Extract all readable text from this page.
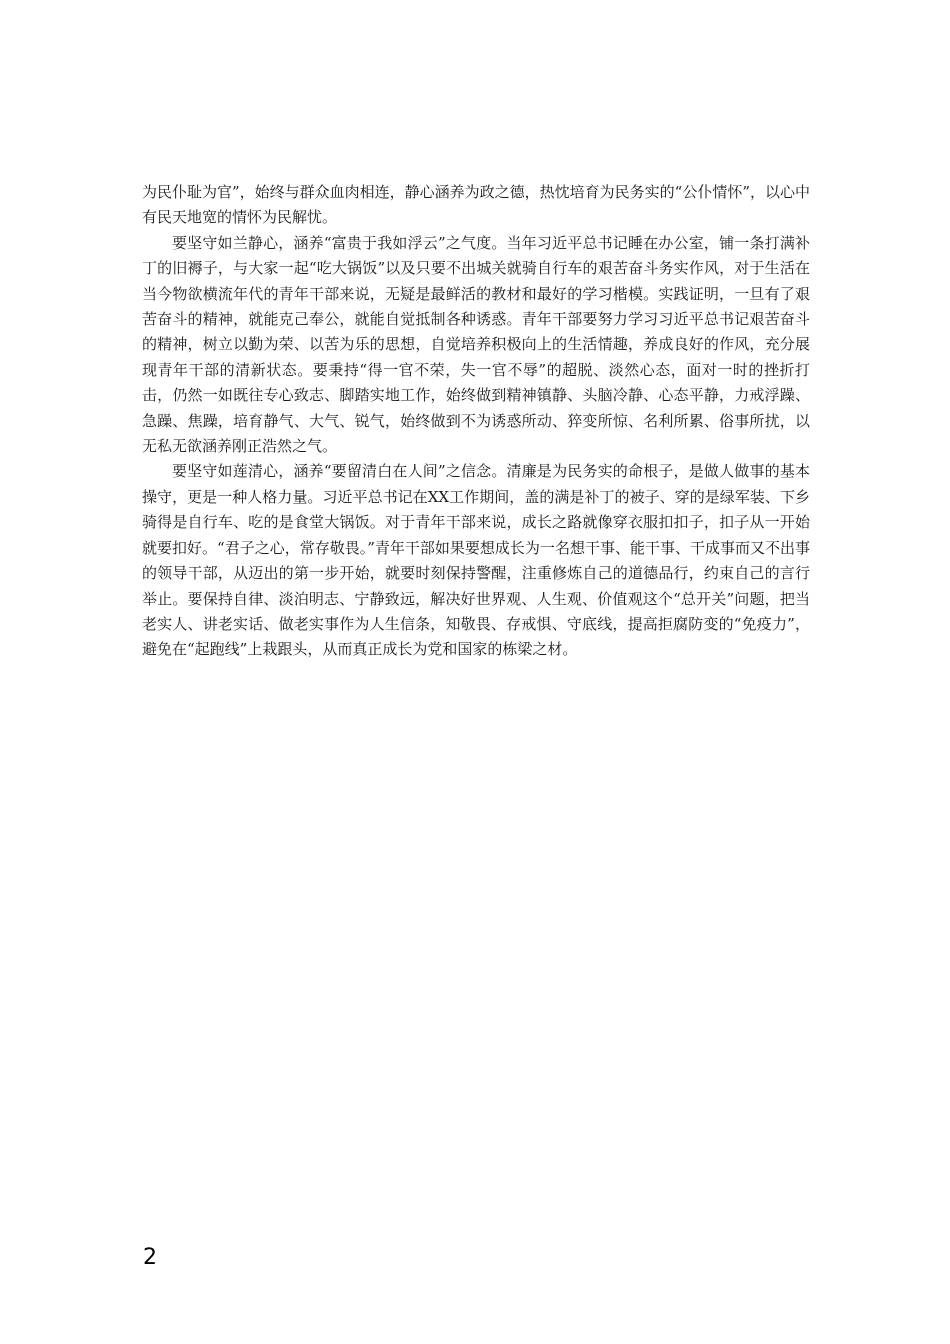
为民仆耻为官”，始终与群众血肉相连，静心涵养为政之德，热忱培育为民务实的“公仆情怀”，以心中有民天地宽的情怀为民解忧。

要坚守如兰静心，涵养“富贵于我如浮云”之气度。当年习近平总书记睡在办公室，铺一条打满补丁的旧褥子，与大家一起“吃大锅饭”以及只要不出城关就骑自行车的艰苦奋斗务实作风，对于生活在当今物欲横流年代的青年干部来说，无疑是最鲜活的教材和最好的学习楷模。实践证明，一旦有了艰苦奋斗的精神，就能克己奉公，就能自觉抵制各种诱惑。青年干部要努力学习习近平总书记艰苦奋斗的精神，树立以勤为荣、以苦为乐的思想，自觉培养积极向上的生活情趣，养成良好的作风，充分展现青年干部的清新状态。要秉持“得一官不荣，失一官不辱”的超脱、淡然心态，面对一时的挫折打击，仍然一如既往专心致志、脚踏实地工作，始终做到精神镇静、头脑冷静、心态平静，力戒浮躁、急躁、焦躁，培育静气、大气、锐气，始终做到不为诱惑所动、猝变所惊、名利所累、俗事所扰，以无私无欲涵养刚正浩然之气。

要坚守如莲清心，涵养“要留清白在人间”之信念。清廉是为民务实的命根子，是做人做事的基本操守，更是一种人格力量。习近平总书记在XX工作期间，盖的满是补丁的被子、穿的是绿军装、下乡骑得是自行车、吃的是食堂大锅饭。对于青年干部来说，成长之路就像穿衣服扣扣子，扣子从一开始就要扣好。“君子之心，常存敬畏。”青年干部如果要想成长为一名想干事、能干事、干成事而又不出事的领导干部，从迈出的第一步开始，就要时刻保持警醒，注重修炼自己的道德品行，约束自己的言行举止。要保持自律、淡泊明志、宁静致远，解决好世界观、人生观、价值观这个“总开关”问题，把当老实人、讲老实话、做老实事作为人生信条，知敬畏、存戒惧、守底线，提高拒腐防变的“免疫力”，避免在“起跑线”上栽跟头，从而真正成长为党和国家的栋梁之材。

2
